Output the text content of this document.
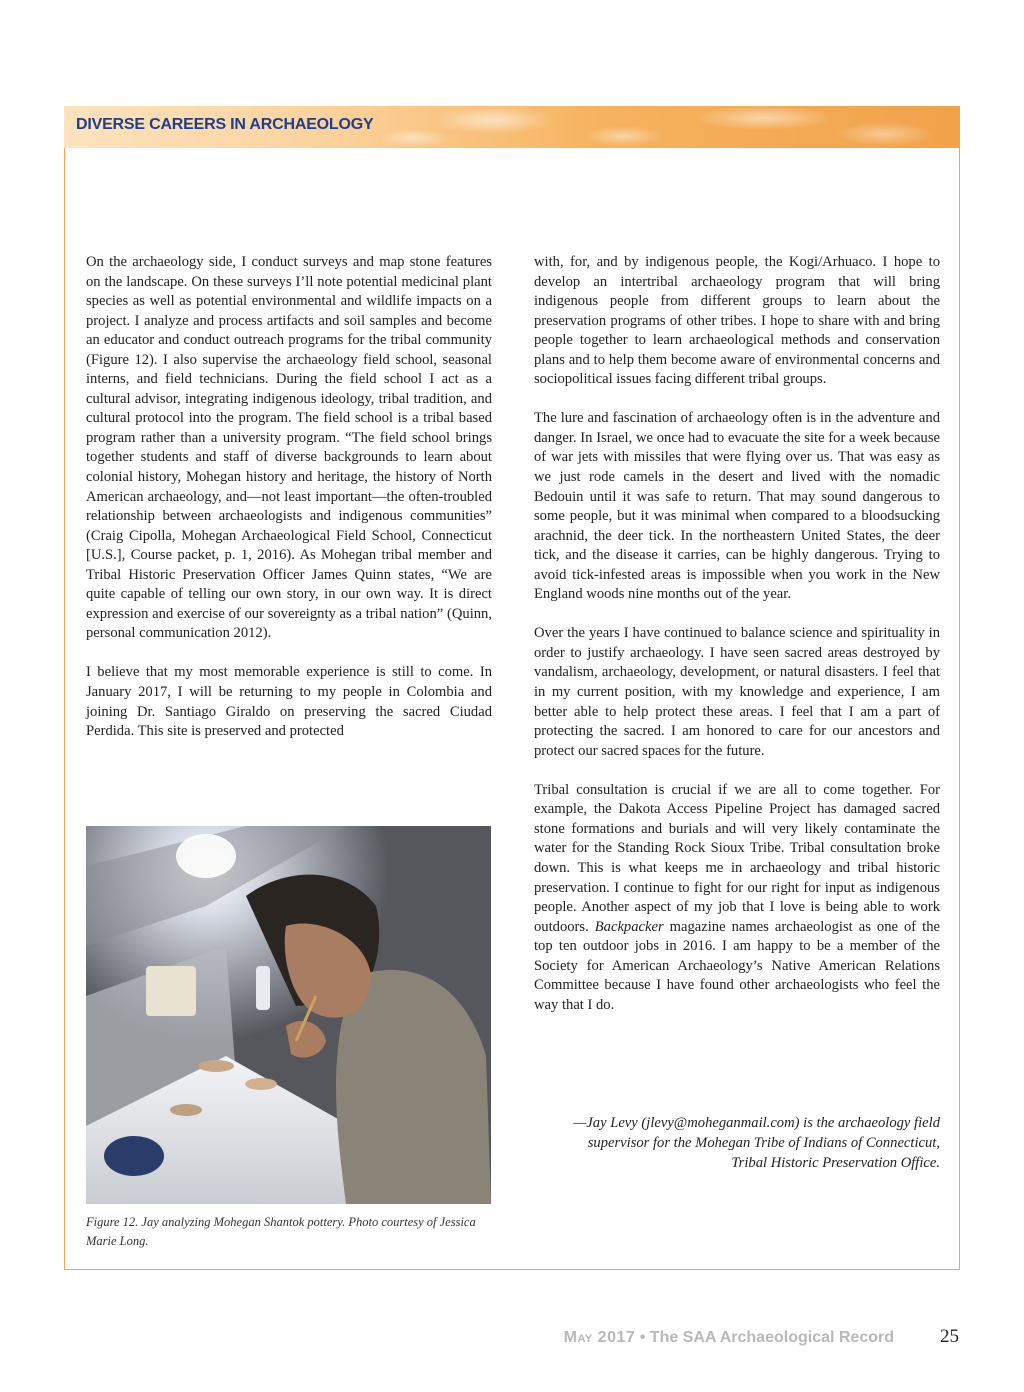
DIVERSE CAREERS IN ARCHAEOLOGY

On the archaeology side, I conduct surveys and map stone features on the landscape. On these surveys I’ll note potential medicinal plant species as well as potential environmental and wildlife impacts on a project. I analyze and process artifacts and soil samples and become an educator and conduct outreach programs for the tribal community (Figure 12). I also supervise the archaeology field school, seasonal interns, and field technicians. During the field school I act as a cultural advisor, integrating indigenous ideology, tribal tradition, and cultural protocol into the program. The field school is a tribal based program rather than a university program. “The field school brings together students and staff of diverse backgrounds to learn about colonial history, Mohegan history and heritage, the history of North American archaeology, and—not least important—the often-troubled relationship between archaeologists and indigenous communities” (Craig Cipolla, Mohegan Archaeological Field School, Connecticut [U.S.], Course packet, p. 1, 2016). As Mohegan tribal member and Tribal Historic Preservation Officer James Quinn states, “We are quite capable of telling our own story, in our own way. It is direct expression and exercise of our sovereignty as a tribal nation” (Quinn, personal communication 2012).

I believe that my most memorable experience is still to come. In January 2017, I will be returning to my people in Colombia and joining Dr. Santiago Giraldo on preserving the sacred Ciudad Perdida. This site is preserved and protected

Figure 12. Jay analyzing Mohegan Shantok pottery. Photo courtesy of Jessica Marie Long.

with, for, and by indigenous people, the Kogi/Arhuaco. I hope to develop an intertribal archaeology program that will bring indigenous people from different groups to learn about the preservation programs of other tribes. I hope to share with and bring people together to learn archaeological methods and conservation plans and to help them become aware of environmental concerns and sociopolitical issues facing different tribal groups.

The lure and fascination of archaeology often is in the adventure and danger. In Israel, we once had to evacuate the site for a week because of war jets with missiles that were flying over us. That was easy as we just rode camels in the desert and lived with the nomadic Bedouin until it was safe to return. That may sound dangerous to some people, but it was minimal when compared to a bloodsucking arachnid, the deer tick. In the northeastern United States, the deer tick, and the disease it carries, can be highly dangerous. Trying to avoid tick-infested areas is impossible when you work in the New England woods nine months out of the year.

Over the years I have continued to balance science and spirituality in order to justify archaeology. I have seen sacred areas destroyed by vandalism, archaeology, development, or natural disasters. I feel that in my current position, with my knowledge and experience, I am better able to help protect these areas. I feel that I am a part of protecting the sacred. I am honored to care for our ancestors and protect our sacred spaces for the future.

Tribal consultation is crucial if we are all to come together. For example, the Dakota Access Pipeline Project has damaged sacred stone formations and burials and will very likely contaminate the water for the Standing Rock Sioux Tribe. Tribal consultation broke down. This is what keeps me in archaeology and tribal historic preservation. I continue to fight for our right for input as indigenous people. Another aspect of my job that I love is being able to work outdoors. Backpacker magazine names archaeologist as one of the top ten outdoor jobs in 2016. I am happy to be a member of the Society for American Archaeology’s Native American Relations Committee because I have found other archaeologists who feel the way that I do.

—Jay Levy (jlevy@moheganmail.com) is the archaeology field
supervisor for the Mohegan Tribe of Indians of Connecticut,
Tribal Historic Preservation Office.
May 2017 • The SAA Archaeological Record 25
